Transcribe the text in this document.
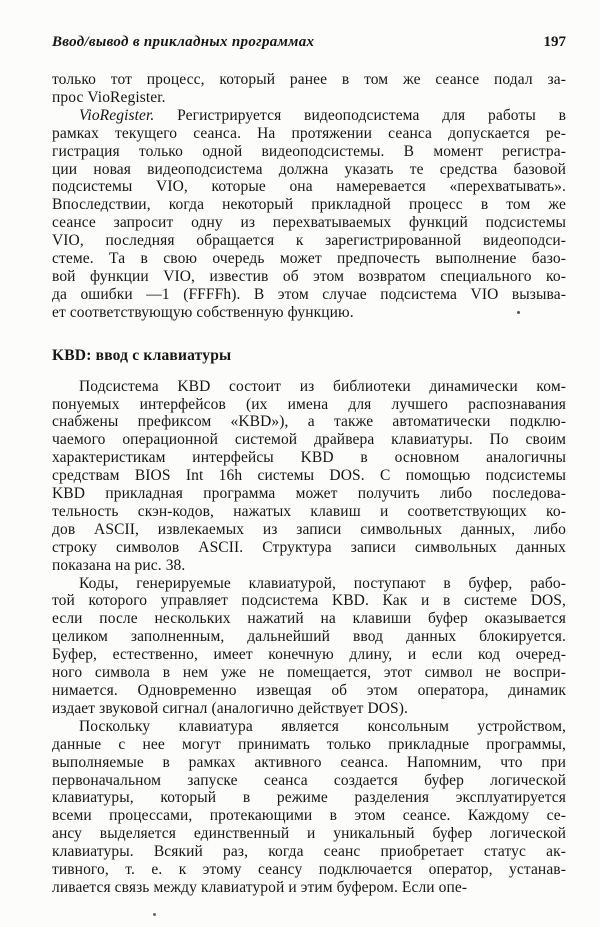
Ввод/вывод в прикладных программах	197
только тот процесс, который ранее в том же сеансе подал за-
прос VioRegister.
VioRegister. Регистрируется видеоподсистема для работы в
рамках текущего сеанса. На протяжении сеанса допускается ре-
гистрация только одной видеоподсистемы. В момент регистра-
ции новая видеоподсистема должна указать те средства базовой
подсистемы VIO, которые она намеревается «перехватывать».
Впоследствии, когда некоторый прикладной процесс в том же
сеансе запросит одну из перехватываемых функций подсистемы
VIO, последняя обращается к зарегистрированной видеоподси-
стеме. Та в свою очередь может предпочесть выполнение базо-
вой функции VIO, известив об этом возвратом специального ко-
да ошибки —1 (FFFFh). В этом случае подсистема VIO вызыва-
ет соответствующую собственную функцию.
KBD: ввод с клавиатуры
Подсистема KBD состоит из библиотеки динамически ком-
понуемых интерфейсов (их имена для лучшего распознавания
снабжены префиксом «KBD»), а также автоматически подклю-
чаемого операционной системой драйвера клавиатуры. По своим
характеристикам интерфейсы KBD в основном аналогичны
средствам BIOS Int 16h системы DOS. С помощью подсистемы
KBD прикладная программа может получить либо последова-
тельность скэн-кодов, нажатых клавиш и соответствующих ко-
дов ASCII, извлекаемых из записи символьных данных, либо
строку символов ASCII. Структура записи символьных данных
показана на рис. 38.
Коды, генерируемые клавиатурой, поступают в буфер, рабо-
той которого управляет подсистема KBD. Как и в системе DOS,
если после нескольких нажатий на клавиши буфер оказывается
целиком заполненным, дальнейший ввод данных блокируется.
Буфер, естественно, имеет конечную длину, и если код очеред-
ного символа в нем уже не помещается, этот символ не воспри-
нимается. Одновременно извещая об этом оператора, динамик
издает звуковой сигнал (аналогично действует DOS).
Поскольку клавиатура является консольным устройством,
данные с нее могут принимать только прикладные программы,
выполняемые в рамках активного сеанса. Напомним, что при
первоначальном запуске сеанса создается буфер логической
клавиатуры, который в режиме разделения эксплуатируется
всеми процессами, протекающими в этом сеансе. Каждому се-
ансу выделяется единственный и уникальный буфер логической
клавиатуры. Всякий раз, когда сеанс приобретает статус ак-
тивного, т. е. к этому сеансу подключается оператор, устанав-
ливается связь между клавиатурой и этим буфером. Если опе-
